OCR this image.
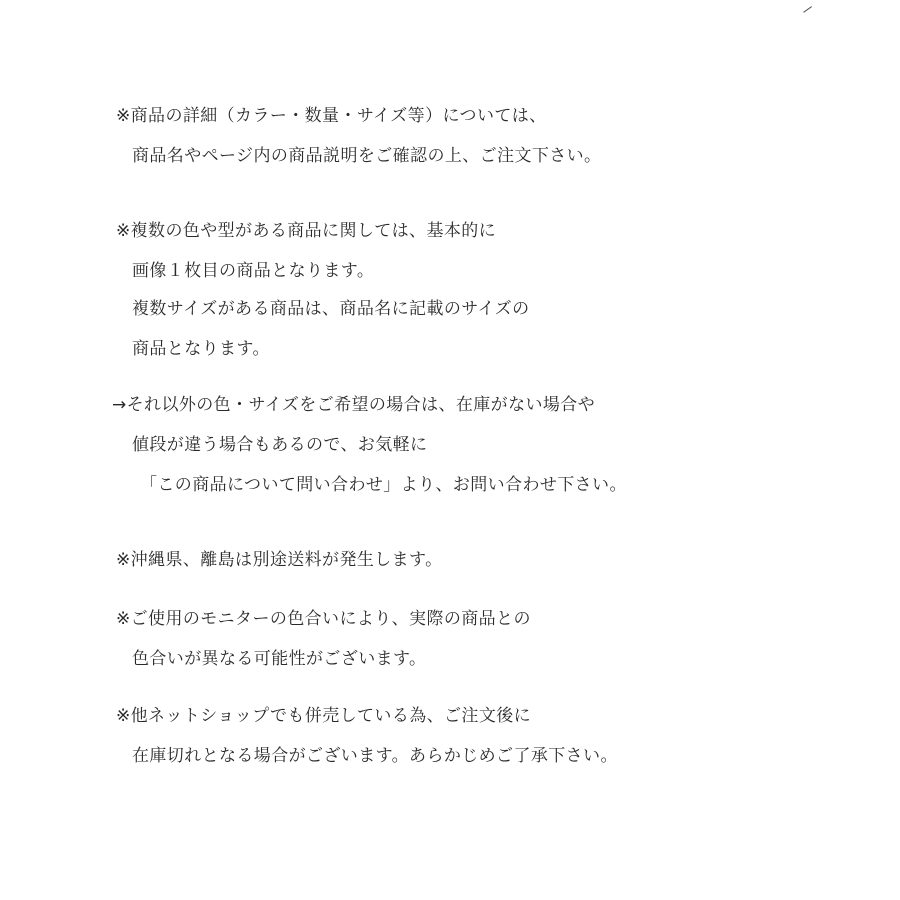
※商品の詳細（カラー・数量・サイズ等）については、
商品名やページ内の商品説明をご確認の上、ご注文下さい。
※複数の色や型がある商品に関しては、基本的に
画像１枚目の商品となります。
複数サイズがある商品は、商品名に記載のサイズの
商品となります。
→それ以外の色・サイズをご希望の場合は、在庫がない場合や
値段が違う場合もあるので、お気軽に
「この商品について問い合わせ」より、お問い合わせ下さい。
※沖縄県、離島は別途送料が発生します。
※ご使用のモニターの色合いにより、実際の商品との
色合いが異なる可能性がございます。
※他ネットショップでも併売している為、ご注文後に
在庫切れとなる場合がございます。あらかじめご了承下さい。
